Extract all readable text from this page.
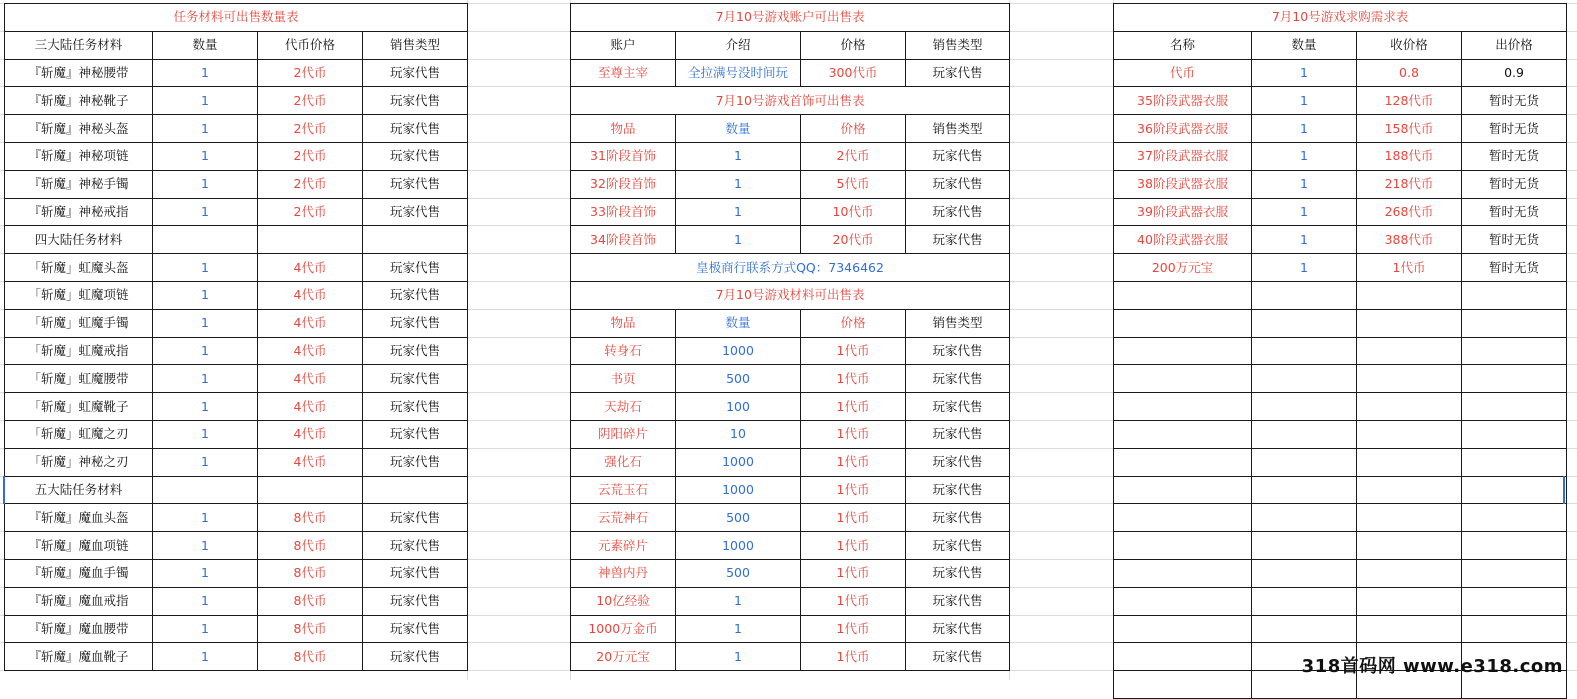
任务材料可出售数量表			
三大陆任务材料	数量	代币价格	销售类型
『斩魔』神秘腰带	1	2代币	玩家代售
『斩魔』神秘靴子	1	2代币	玩家代售
『斩魔』神秘头盔	1	2代币	玩家代售
『斩魔』神秘项链	1	2代币	玩家代售
『斩魔』神秘手镯	1	2代币	玩家代售
『斩魔』神秘戒指	1	2代币	玩家代售
四大陆任务材料			
「斩魔」虹魔头盔	1	4代币	玩家代售
「斩魔」虹魔项链	1	4代币	玩家代售
「斩魔」虹魔手镯	1	4代币	玩家代售
「斩魔」虹魔戒指	1	4代币	玩家代售
「斩魔」虹魔腰带	1	4代币	玩家代售
「斩魔」虹魔靴子	1	4代币	玩家代售
「斩魔」虹魔之刃	1	4代币	玩家代售
「斩魔」神秘之刃	1	4代币	玩家代售
五大陆任务材料			
『斩魔』魔血头盔	1	8代币	玩家代售
『斩魔』魔血项链	1	8代币	玩家代售
『斩魔』魔血手镯	1	8代币	玩家代售
『斩魔』魔血戒指	1	8代币	玩家代售
『斩魔』魔血腰带	1	8代币	玩家代售
『斩魔』魔血靴子	1	8代币	玩家代售
7月10号游戏账户可出售表			
账户	介绍	价格	销售类型
至尊主宰	全拉满号没时间玩	300代币	玩家代售
7月10号游戏首饰可出售表			
物品	数量	价格	销售类型
31阶段首饰	1	2代币	玩家代售
32阶段首饰	1	5代币	玩家代售
33阶段首饰	1	10代币	玩家代售
34阶段首饰	1	20代币	玩家代售
皇极商行联系方式QQ：7346462			
7月10号游戏材料可出售表			
物品	数量	价格	销售类型
转身石	1000	1代币	玩家代售
书页	500	1代币	玩家代售
天劫石	100	1代币	玩家代售
阴阳碎片	10	1代币	玩家代售
强化石	1000	1代币	玩家代售
云荒玉石	1000	1代币	玩家代售
云荒神石	500	1代币	玩家代售
元素碎片	1000	1代币	玩家代售
神兽内丹	500	1代币	玩家代售
10亿经验	1	1代币	玩家代售
1000万金币	1	1代币	玩家代售
20万元宝	1	1代币	玩家代售
7月10号游戏求购需求表			
名称	数量	收价格	出价格
代币	1	0.8	0.9
35阶段武器衣服	1	128代币	暂时无货
36阶段武器衣服	1	158代币	暂时无货
37阶段武器衣服	1	188代币	暂时无货
38阶段武器衣服	1	218代币	暂时无货
39阶段武器衣服	1	268代币	暂时无货
40阶段武器衣服	1	388代币	暂时无货
200万元宝	1	1代币	暂时无货

318首码网 www.e318.com
